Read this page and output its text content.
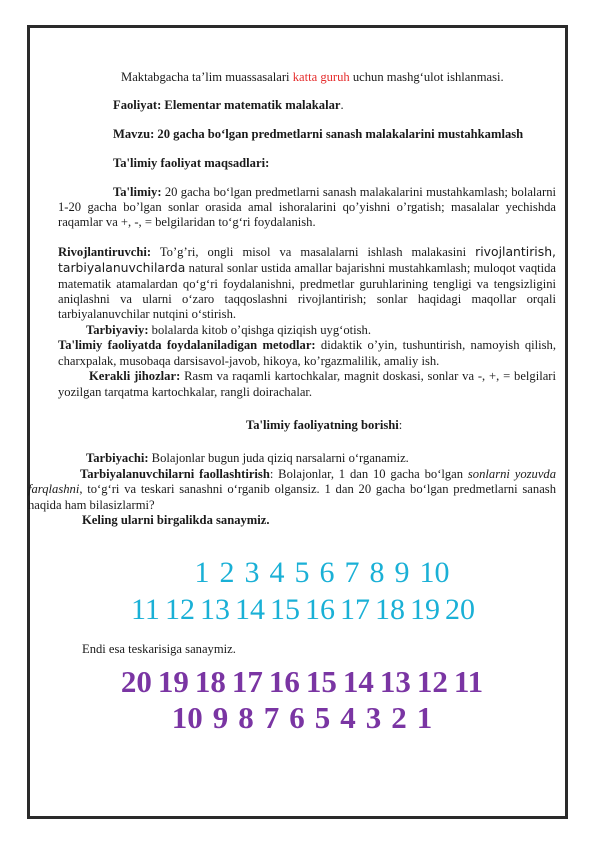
Maktabgacha ta’lim muassasalari katta guruh uchun mashg‘ulot ishlanmasi.

Faoliyat: Elementar matematik malakalar.

Mavzu: 20 gacha bo‘lgan predmetlarni sanash malakalarini mustahkamlash

Ta'limiy faoliyat maqsadlari:

Ta'limiy: 20 gacha bo‘lgan predmetlarni sanash malakalarini mustahkamlash; bolalarni 1-20 gacha bo’lgan sonlar orasida amal ishoralarini qo’yishni o’rgatish; masalalar yechishda raqamlar va +, -, = belgilaridan to‘g‘ri foydalanish.

Rivojlantiruvchi: To’g’ri, ongli misol va masalalarni ishlash malakasini rivojlantirish, tarbiyalanuvchilarda natural sonlar ustida amallar bajarishni mustahkamlash; muloqot vaqtida matematik atamalardan qo‘g‘ri foydalanishni, predmetlar guruhlarining tengligi va tengsizligini aniqlashni va ularni o‘zaro taqqoslashni rivojlantirish; sonlar haqidagi maqollar orqali tarbiyalanuvchilar nutqini o‘stirish.

Tarbiyaviy: bolalarda kitob o’qishga qiziqish uyg‘otish.

Ta'limiy faoliyatda foydalaniladigan metodlar: didaktik o’yin, tushuntirish, namoyish qilish, charxpalak, musobaqa darsisavol-javob, hikoya, ko’rgazmalilik, amaliy ish.

Kerakli jihozlar: Rasm va raqamli kartochkalar, magnit doskasi, sonlar va -, +, = belgilari yozilgan tarqatma kartochkalar, rangli doirachalar.

Ta'limiy faoliyatning borishi:

Tarbiyachi: Bolajonlar bugun juda qiziq narsalarni o‘rganamiz.

Tarbiyalanuvchilarni faollashtirish: Bolajonlar, 1 dan 10 gacha bo‘lgan sonlarni yozuvda farqlashni, to‘g‘ri va teskari sanashni o‘rganib olgansiz. 1 dan 20 gacha bo‘lgan predmetlarni sanash haqida ham bilasizlarmi?

Keling ularni birgalikda sanaymiz.

1 2 3 4 5 6 7 8 9 10
11 12 13 14 15 16 17 18 19 20

Endi esa teskarisiga sanaymiz.

20 19 18 17 16 15 14 13 12 11
10 9 8 7 6 5 4 3 2 1
